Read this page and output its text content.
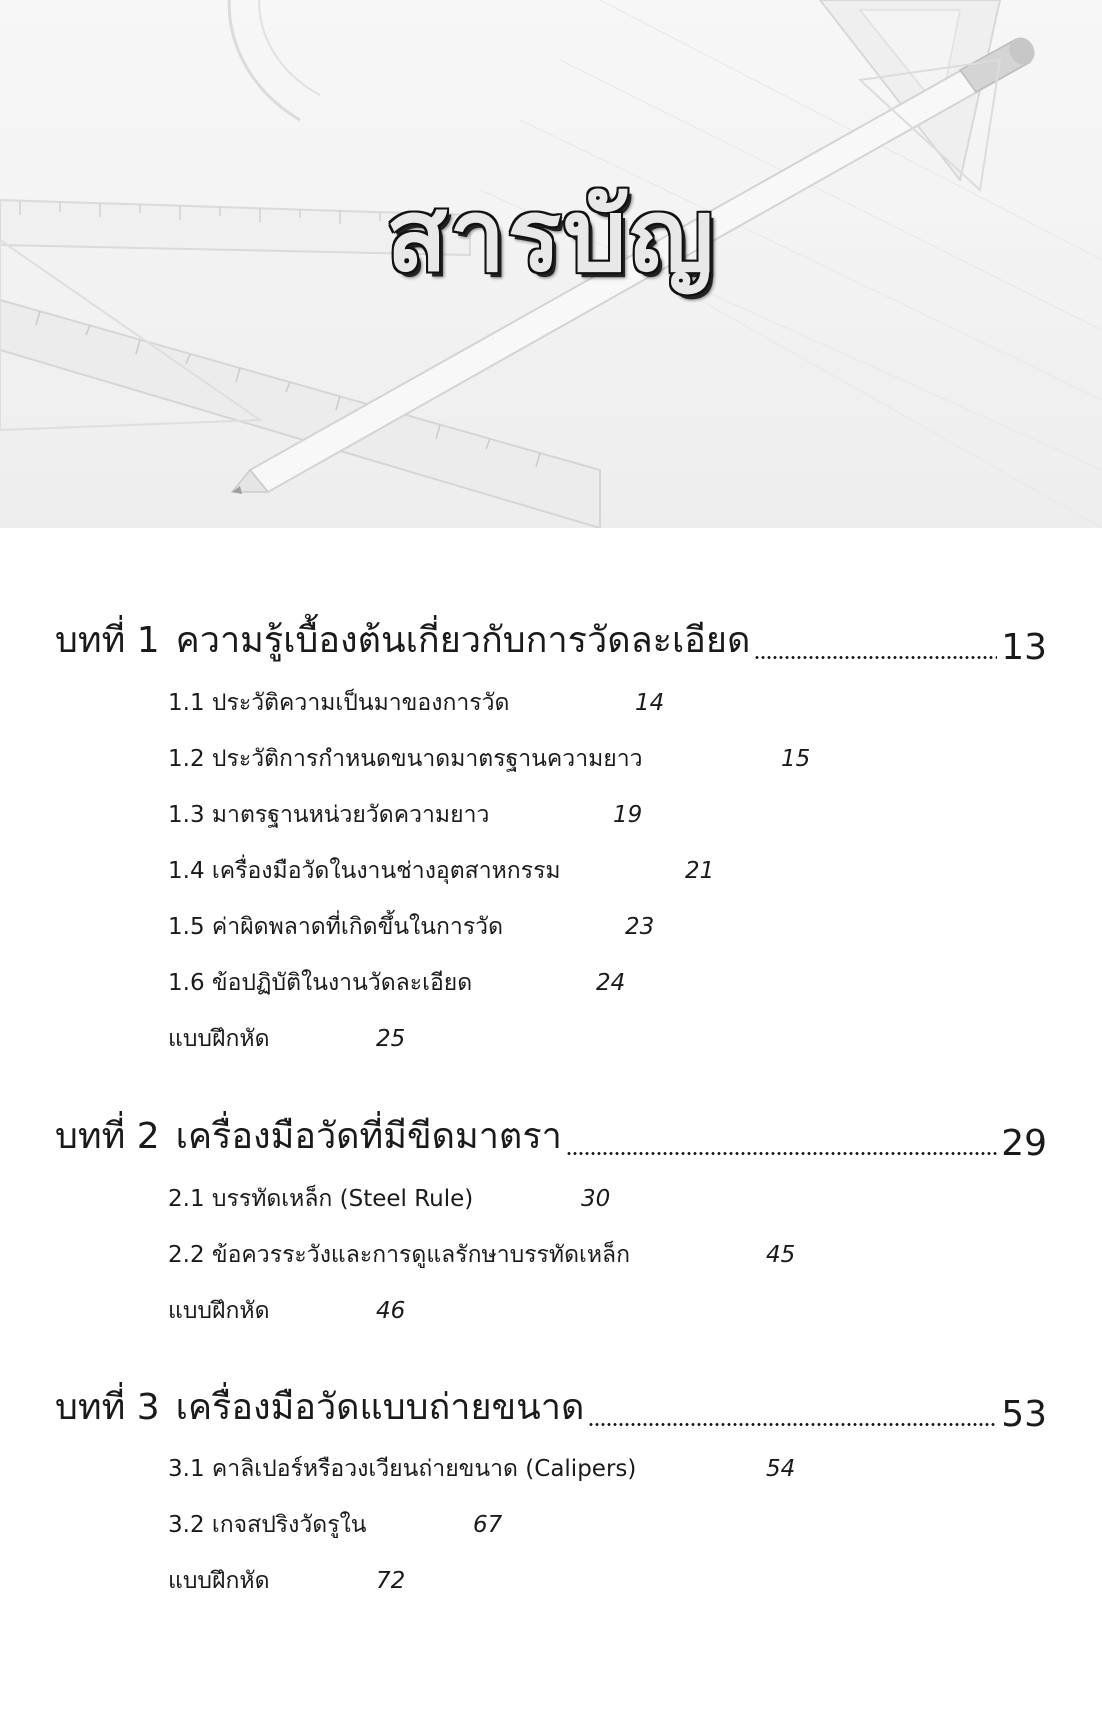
สารบัญ
บทที่ 1 ความรู้เบื้องต้นเกี่ยวกับการวัดละเอียด	13
1.1 ประวัติความเป็นมาของการวัด	14
1.2 ประวัติการกำหนดขนาดมาตรฐานความยาว	15
1.3 มาตรฐานหน่วยวัดความยาว	19
1.4 เครื่องมือวัดในงานช่างอุตสาหกรรม	21
1.5 ค่าผิดพลาดที่เกิดขึ้นในการวัด	23
1.6 ข้อปฏิบัติในงานวัดละเอียด	24
แบบฝึกหัด	25
บทที่ 2 เครื่องมือวัดที่มีขีดมาตรา	29
2.1 บรรทัดเหล็ก (Steel Rule)	30
2.2 ข้อควรระวังและการดูแลรักษาบรรทัดเหล็ก	45
แบบฝึกหัด	46
บทที่ 3 เครื่องมือวัดแบบถ่ายขนาด	53
3.1 คาลิเปอร์หรือวงเวียนถ่ายขนาด (Calipers)	54
3.2 เกจสปริงวัดรูใน	67
แบบฝึกหัด	72
